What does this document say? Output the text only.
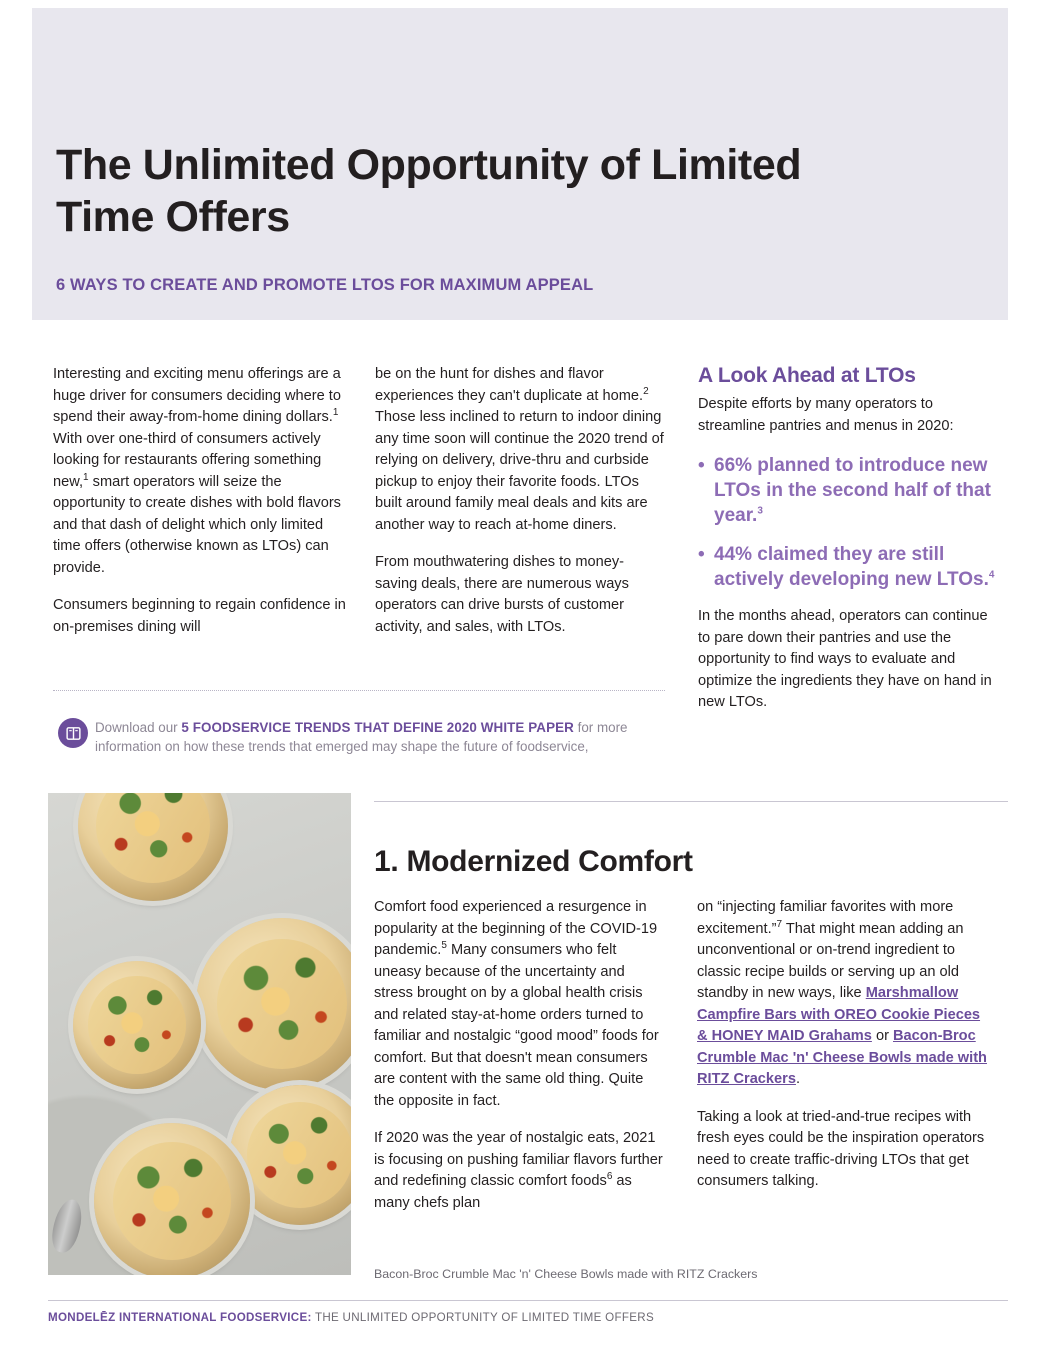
The Unlimited Opportunity of Limited Time Offers
6 WAYS TO CREATE AND PROMOTE LTOS FOR MAXIMUM APPEAL

Interesting and exciting menu offerings are a huge driver for consumers deciding where to spend their away-from-home dining dollars.$^1$ With over one-third of consumers actively looking for restaurants offering something new,$^1$ smart operators will seize the opportunity to create dishes with bold flavors and that dash of delight which only limited time offers (otherwise known as LTOs) can provide.

Consumers beginning to regain confidence in on-premises dining will

be on the hunt for dishes and flavor experiences they can't duplicate at home.$^2$ Those less inclined to return to indoor dining any time soon will continue the 2020 trend of relying on delivery, drive-thru and curbside pickup to enjoy their favorite foods. LTOs built around family meal deals and kits are another way to reach at-home diners.

From mouthwatering dishes to money-saving deals, there are numerous ways operators can drive bursts of customer activity, and sales, with LTOs.

A Look Ahead at LTOs

Despite efforts by many operators to streamline pantries and menus in 2020:

• 66% planned to introduce new LTOs in the second half of that year.$^3$
• 44% claimed they are still actively developing new LTOs.$^4$

In the months ahead, operators can continue to pare down their pantries and use the opportunity to find ways to evaluate and optimize the ingredients they have on hand in new LTOs.

Download our 5 FOODSERVICE TRENDS THAT DEFINE 2020 WHITE PAPER for more information on how these trends that emerged may shape the future of foodservice,
1. Modernized Comfort

Comfort food experienced a resurgence in popularity at the beginning of the COVID-19 pandemic.$^5$ Many consumers who felt uneasy because of the uncertainty and stress brought on by a global health crisis and related stay-at-home orders turned to familiar and nostalgic “good mood” foods for comfort. But that doesn't mean consumers are content with the same old thing. Quite the opposite in fact.

If 2020 was the year of nostalgic eats, 2021 is focusing on pushing familiar flavors further and redefining classic comfort foods$^6$ as many chefs plan

on “injecting familiar favorites with more excitement.”$^7$ That might mean adding an unconventional or on-trend ingredient to classic recipe builds or serving up an old standby in new ways, like Marshmallow Campfire Bars with OREO Cookie Pieces & HONEY MAID Grahams or Bacon-Broc Crumble Mac 'n' Cheese Bowls made with RITZ Crackers.

Taking a look at tried-and-true recipes with fresh eyes could be the inspiration operators need to create traffic-driving LTOs that get consumers talking.

Bacon-Broc Crumble Mac 'n' Cheese Bowls made with RITZ Crackers
MONDELĒZ INTERNATIONAL FOODSERVICE: THE UNLIMITED OPPORTUNITY OF LIMITED TIME OFFERS
